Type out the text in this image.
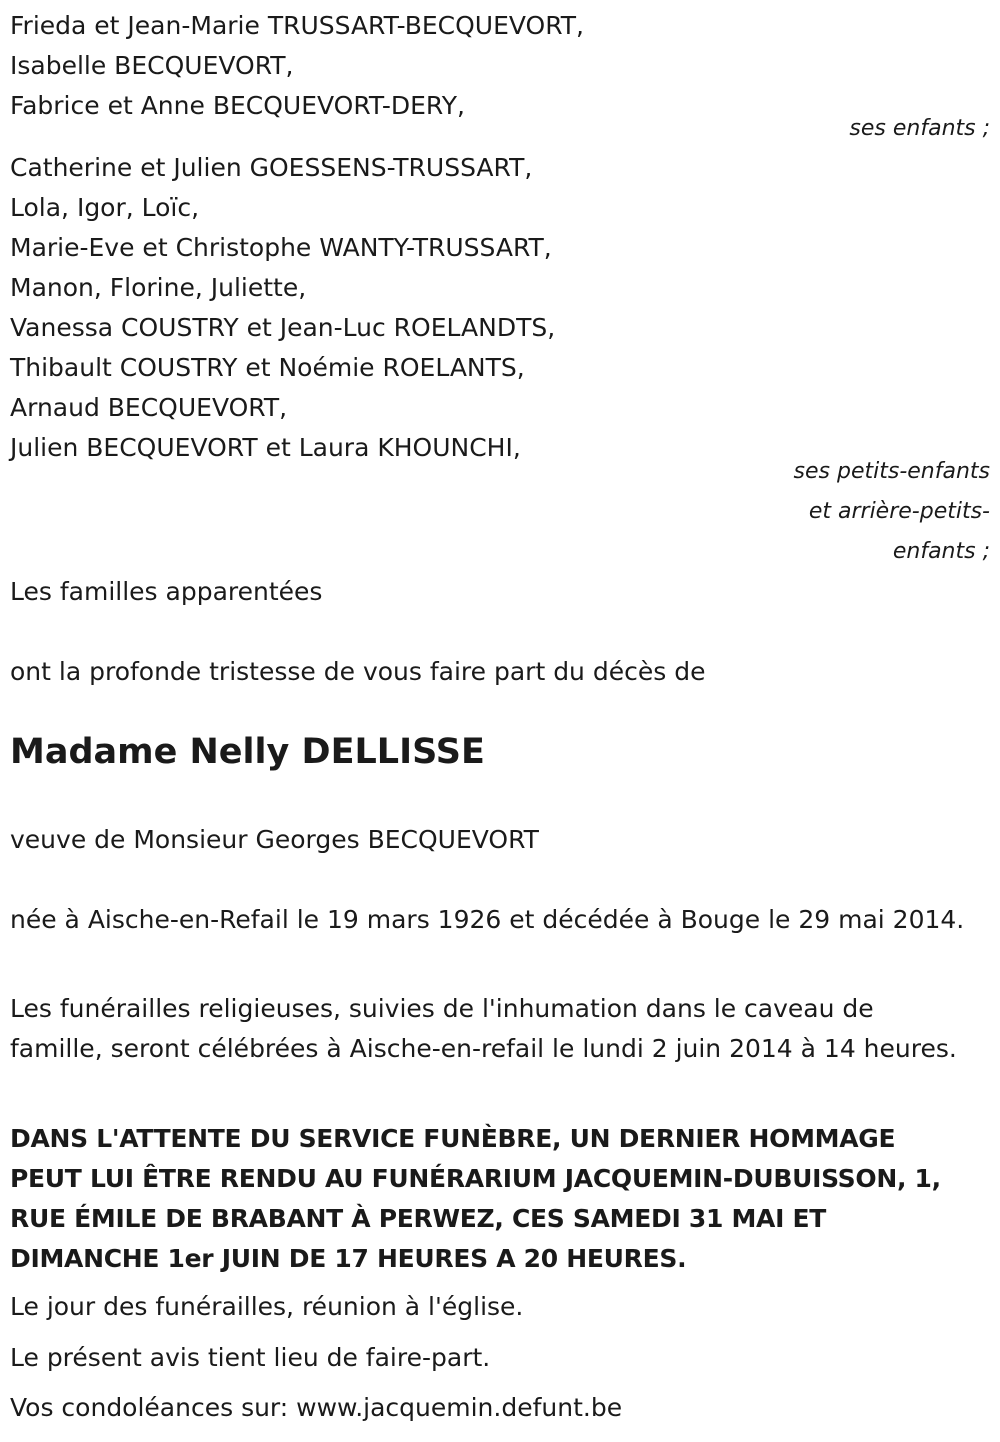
Frieda et Jean-Marie TRUSSART-BECQUEVORT,
Isabelle BECQUEVORT,
Fabrice et Anne BECQUEVORT-DERY,
ses enfants ;
Catherine et Julien GOESSENS-TRUSSART,
Lola, Igor, Loïc,
Marie-Eve et Christophe WANTY-TRUSSART,
Manon, Florine, Juliette,
Vanessa COUSTRY et Jean-Luc ROELANDTS,
Thibault COUSTRY et Noémie ROELANTS,
Arnaud BECQUEVORT,
Julien BECQUEVORT et Laura KHOUNCHI,
ses petits-enfants
et arrière-petits-
enfants ;
Les familles apparentées
ont la profonde tristesse de vous faire part du décès de
Madame Nelly DELLISSE
veuve de Monsieur Georges BECQUEVORT
née à Aische-en-Refail le 19 mars 1926 et décédée à Bouge le 29 mai 2014.
Les funérailles religieuses, suivies de l'inhumation dans le caveau de famille, seront célébrées à Aische-en-refail le lundi 2 juin 2014 à 14 heures.
DANS L'ATTENTE DU SERVICE FUNÈBRE, UN DERNIER HOMMAGE PEUT LUI ÊTRE RENDU AU FUNÉRARIUM JACQUEMIN-DUBUISSON, 1, RUE ÉMILE DE BRABANT À PERWEZ, CES SAMEDI 31 MAI ET DIMANCHE 1er JUIN DE 17 HEURES A 20 HEURES.
Le jour des funérailles, réunion à l'église.
Le présent avis tient lieu de faire-part.
Vos condoléances sur: www.jacquemin.defunt.be
